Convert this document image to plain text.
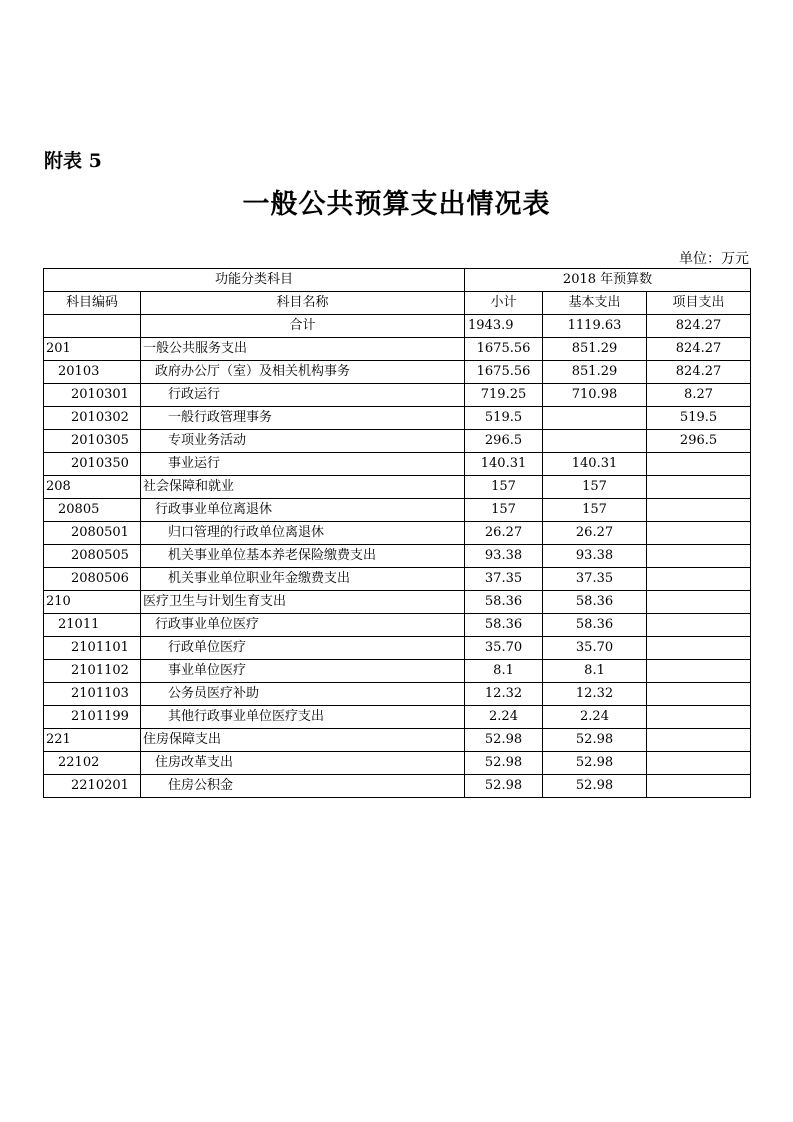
附表 5
一般公共预算支出情况表
单位：万元
功能分类科目		2018 年预算数		
科目编码	科目名称	小计	基本支出	项目支出
	合计	1943.9	1119.63	824.27
201	一般公共服务支出	1675.56	851.29	824.27
20103	政府办公厅（室）及相关机构事务	1675.56	851.29	824.27
2010301	行政运行	719.25	710.98	8.27
2010302	一般行政管理事务	519.5		519.5
2010305	专项业务活动	296.5		296.5
2010350	事业运行	140.31	140.31	
208	社会保障和就业	157	157	
20805	行政事业单位离退休	157	157	
2080501	归口管理的行政单位离退休	26.27	26.27	
2080505	机关事业单位基本养老保险缴费支出	93.38	93.38	
2080506	机关事业单位职业年金缴费支出	37.35	37.35	
210	医疗卫生与计划生育支出	58.36	58.36	
21011	行政事业单位医疗	58.36	58.36	
2101101	行政单位医疗	35.70	35.70	
2101102	事业单位医疗	8.1	8.1	
2101103	公务员医疗补助	12.32	12.32	
2101199	其他行政事业单位医疗支出	2.24	2.24	
221	住房保障支出	52.98	52.98	
22102	住房改革支出	52.98	52.98	
2210201	住房公积金	52.98	52.98	
